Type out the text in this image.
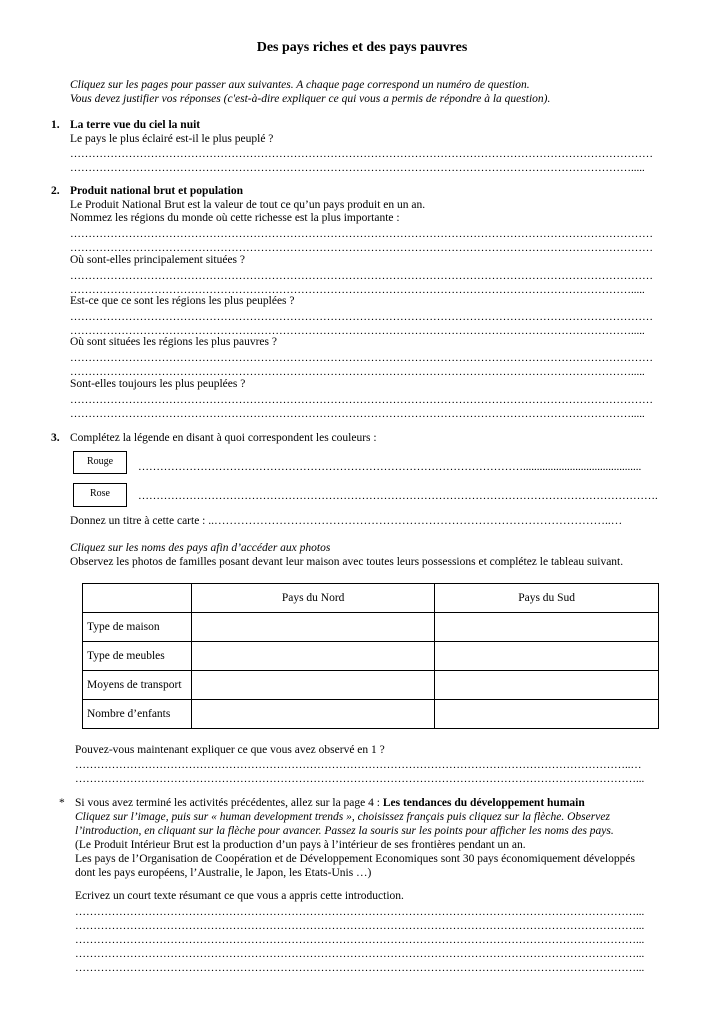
Des pays riches et des pays pauvres
Cliquez sur les pages pour passer aux suivantes. A chaque page correspond un numéro de question.
Vous devez justifier vos réponses (c'est-à-dire expliquer ce qui vous a permis de répondre à la question).
1. La terre vue du ciel la nuit
Le pays le plus éclairé est-il le plus peuplé ?
……………………………………………………………………………………………………………………………………………
……………………………………………………………………………………………………………………………………….....
2. Produit national brut et population
Le Produit National Brut est la valeur de tout ce qu’un pays produit en un an.
Nommez les régions du monde où cette richesse est la plus importante :
……………………………………………………………………………………………………………………………………………
……………………………………………………………………………………………………………………………………………
Où sont-elles principalement situées ?
……………………………………………………………………………………………………………………………………………
……………………………………………………………………………………………………………………………………….....
Est-ce que ce sont les régions les plus peuplées ?
……………………………………………………………………………………………………………………………………………
……………………………………………………………………………………………………………………………………….....
Où sont situées les régions les plus pauvres ?
……………………………………………………………………………………………………………………………………………
……………………………………………………………………………………………………………………………………….....
Sont-elles toujours les plus peuplées ?
……………………………………………………………………………………………………………………………………………
……………………………………………………………………………………………………………………………………….....
3. Complétez la légende en disant à quoi correspondent les couleurs :
Rouge	……………………………………………………………………………………………...........................................
Rose	…………………………………………………………………………………………………………………………….
Donnez un titre à cette carte : ..…………………………………………………………………………………………..…
Cliquez sur les noms des pays afin d’accéder aux photos
Observez les photos de familles posant devant leur maison avec toutes leurs possessions et complétez le tableau suivant.
	Pays du Nord	Pays du Sud
Type de maison		
Type de meubles		
Moyens de transport		
Nombre d’enfants		
Pouvez-vous maintenant expliquer ce que vous avez observé en 1 ?
……………………………………………………………………………………………………………………………………..…
………………………………………………………………………………………………………………………………………...
* Si vous avez terminé les activités précédentes, allez sur la page 4 : Les tendances du développement humain
Cliquez sur l’image, puis sur « human development trends », choisissez français puis cliquez sur la flèche. Observez
l’introduction, en cliquant sur la flèche pour avancer. Passez la souris sur les points pour afficher les noms des pays.
(Le Produit Intérieur Brut est la production d’un pays à l’intérieur de ses frontières pendant un an.
Les pays de l’Organisation de Coopération et de Développement Economiques sont 30 pays économiquement développés
dont les pays européens, l’Australie, le Japon, les Etats-Unis …)
Ecrivez un court texte résumant ce que vous a appris cette introduction.
………………………………………………………………………………………………………………………………………...
………………………………………………………………………………………………………………………………………...
………………………………………………………………………………………………………………………………………...
………………………………………………………………………………………………………………………………………...
………………………………………………………………………………………………………………………………………...
